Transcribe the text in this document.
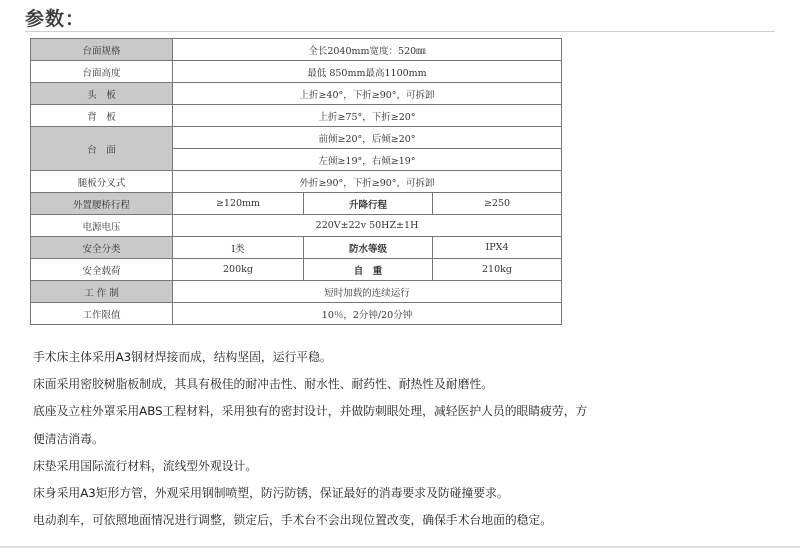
参数：
台面规格	全长2040mm宽度：520㎜		
台面高度	最低 850mm最高1100mm		
头　板	上折≥40°，下折≥90°，可拆卸		
背　板	上折≥75°，下折≥20°		
台　面	前倾≥20°，后倾≥20°		
	左倾≥19°，右倾≥19°		
腿板分叉式	外折≥90°，下折≥90°，可拆卸		
外置腰桥行程	≥120mm	升降行程	≥250
电源电压	220V±22v 50HZ±1H		
安全分类	Ⅰ类	防水等级	IPX4
安全载荷	200kg	自　重	210kg
工 作 制	短时加载的连续运行		
工作限值	10％，2分钟/20分钟		

手术床主体采用A3钢材焊接而成，结构坚固，运行平稳。

床面采用密胶树脂板制成，其具有极佳的耐冲击性、耐水性、耐药性、耐热性及耐磨性。

底座及立柱外罩采用ABS工程材料，采用独有的密封设计，并做防刺眼处理，减轻医护人员的眼睛疲劳，方

便清洁消毒。

床垫采用国际流行材料，流线型外观设计。

床身采用A3矩形方管，外观采用钢制喷塑，防污防锈，保证最好的消毒要求及防碰撞要求。

电动刹车，可依照地面情况进行调整，锁定后，手术台不会出现位置改变，确保手术台地面的稳定。
